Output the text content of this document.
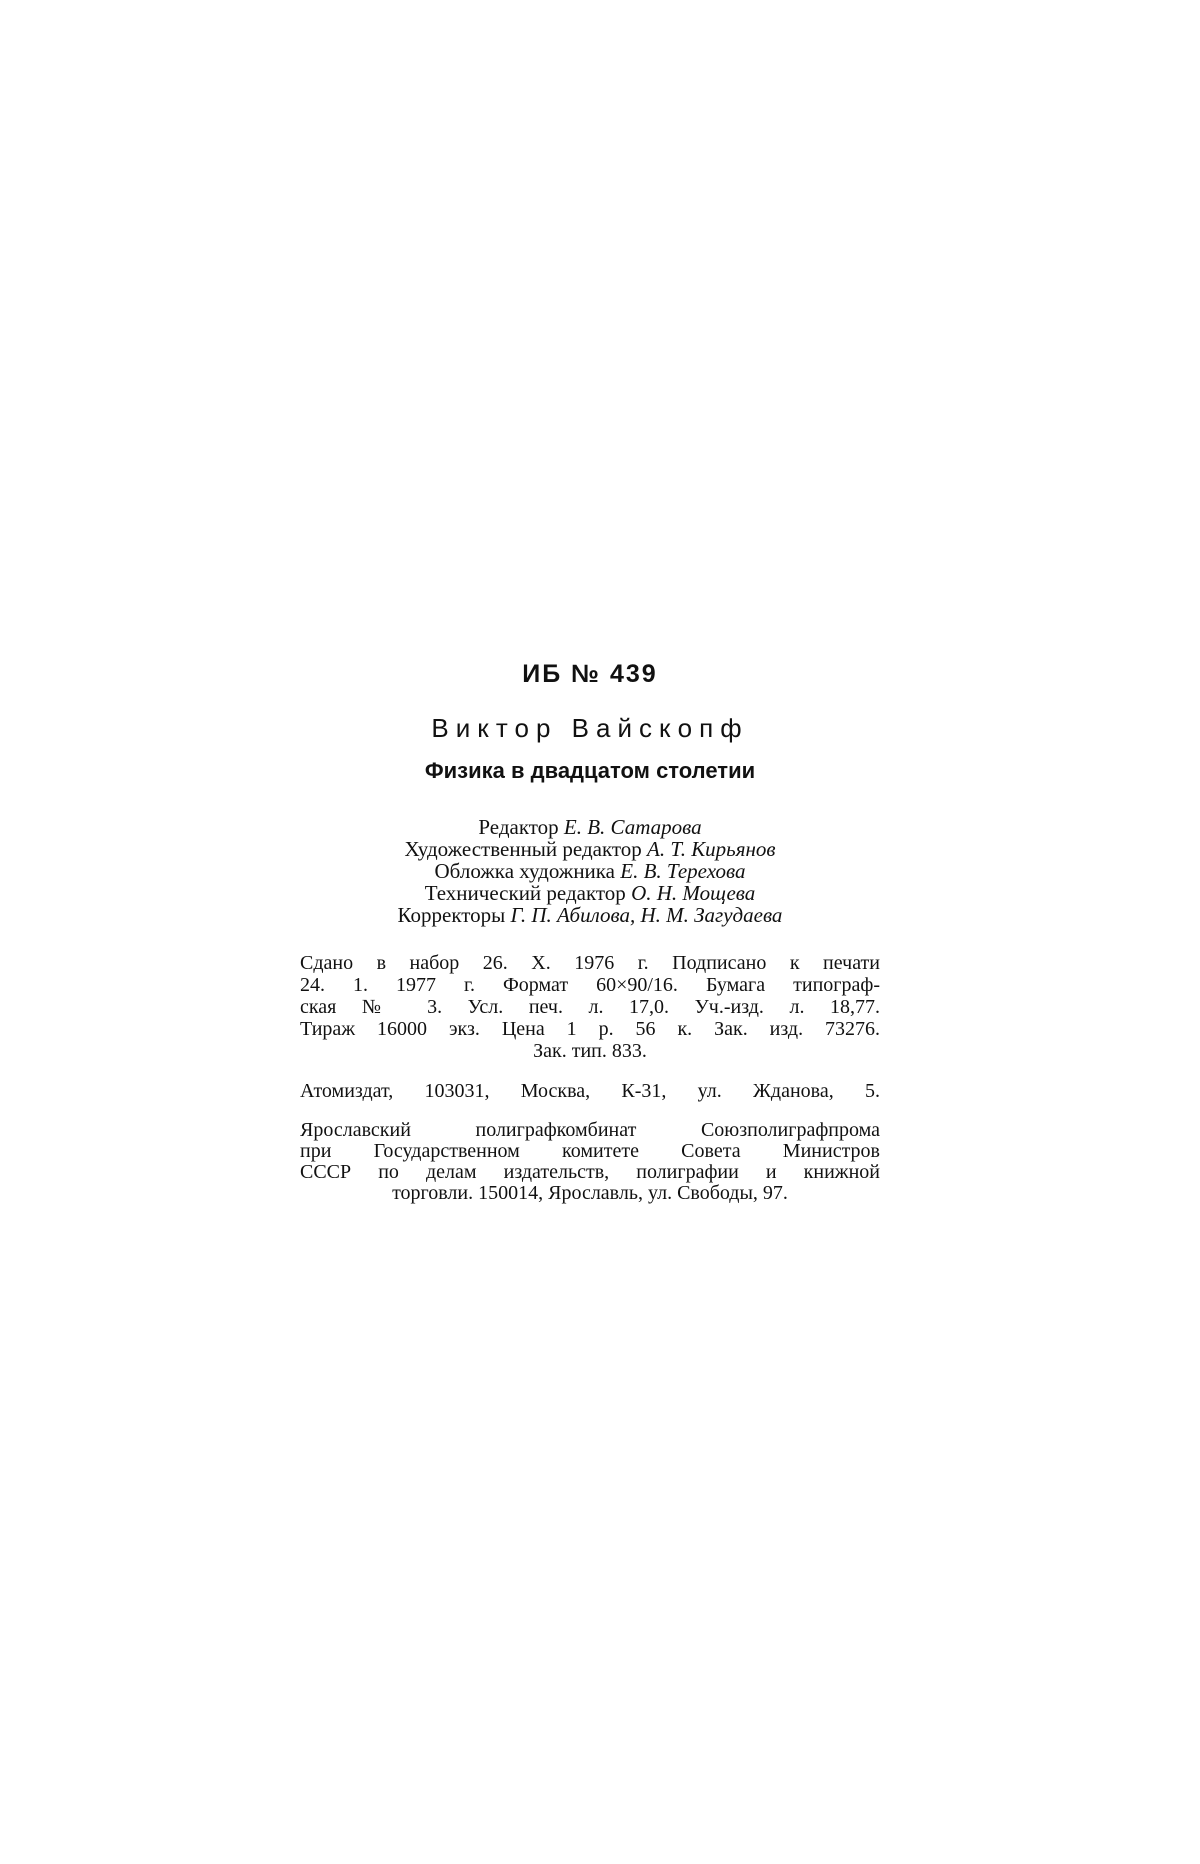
ИБ № 439
Виктор Вайскопф
Физика в двадцатом столетии
Редактор Е. В. Сатарова
Художественный редактор А. Т. Кирьянов
Обложка художника Е. В. Терехова
Технический редактор О. Н. Мощева
Корректоры Г. П. Абилова, Н. М. Загудаева
Сдано в набор 26. X. 1976 г. Подписано к печати
24. 1. 1977 г. Формат 60×90/16. Бумага типограф-
ская № 3. Усл. печ. л. 17,0. Уч.-изд. л. 18,77.
Тираж 16000 экз. Цена 1 р. 56 к. Зак. изд. 73276.
Зак. тип. 833.
Атомиздат, 103031, Москва, К-31, ул. Жданова, 5.
Ярославский полиграфкомбинат Союзполиграфпрома
при Государственном комитете Совета Министров
СССР по делам издательств, полиграфии и книжной
торговли. 150014, Ярославль, ул. Свободы, 97.
